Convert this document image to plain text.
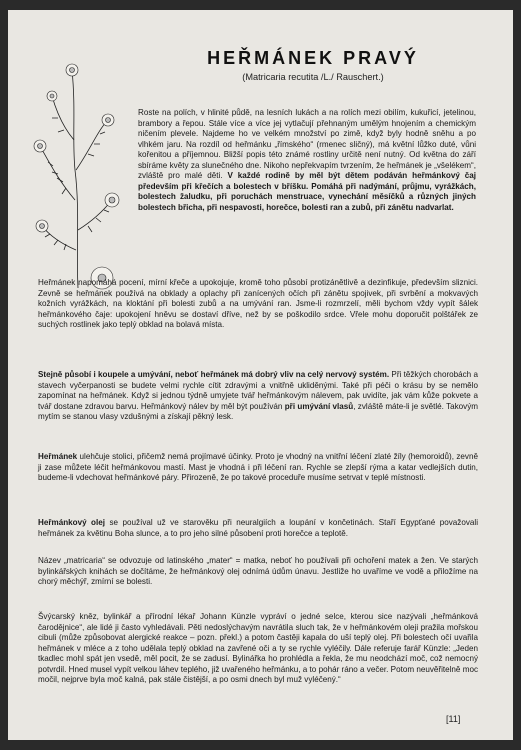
HEŘMÁNEK PRAVÝ
(Matricaria recutita /L./ Rauschert.)

Roste na polích, v hlinité půdě, na lesních lukách a na rolích mezi obilím, kukuřicí, jetelinou, brambory a řepou. Stále více a více jej vytlačují přehnaným umělým hnojením a chemickým ničením plevele. Najdeme ho ve velkém množství po zimě, když byly hodně sněhu a po vlhkém jaru. Na rozdíl od heřmánku „římského“ (rmenec sličný), má květní lůžko duté, vůni kořenitou a příjemnou. Bližší popis této známé rostliny určitě není nutný. Od května do září sbíráme květy za slunečného dne. Nikoho nepřekvapím tvrzením, že heřmánek je „všelékem“, zvláště pro malé děti. V každé rodině by měl být dětem podáván heřmánkový čaj především při křečích a bolestech v bříšku. Pomáhá při nadýmání, průjmu, vyrážkách, bolestech žaludku, při poruchách menstruace, vynechání měsíčků a různých jiných bolestech břicha, při nespavosti, horečce, bolesti ran a zubů, při zánětu nadvarlat.

Heřmánek napomáhá pocení, mírní křeče a upokojuje, kromě toho působí protizánětlivě a dezinfikuje, především sliznici. Zevně se heřmánek používá na obklady a oplachy při zanícených očích při zánětu spojivek, při svrbění a mokvavých kožních vyrážkách, na kloktání při bolesti zubů a na umývání ran. Jsme-li rozmrzelí, měli bychom vždy vypít šálek heřmánkového čaje: upokojení hněvu se dostaví dříve, než by se poškodilo srdce. Vřele mohu doporučit polštářek ze suchých rostlinek jako teplý obklad na bolavá místa.

Stejně působí i koupele a umývání, neboť heřmánek má dobrý vliv na celý nervový systém. Při těžkých chorobách a stavech vyčerpanosti se budete velmi rychle cítit zdravými a vnitřně ukliděnými. Také při péči o krásu by se nemělo zapomínat na heřmánek. Když si jednou týdně umyjete tvář heřmánkovým nálevem, pak uvidíte, jak vám kůže pokvete a tvář dostane zdravou barvu. Heřmánkový nálev by měl být používán při umývání vlasů, zvláště máte-li je světlé. Takovým mytím se stanou vlasy vzdušnými a získají pěkný lesk.

Heřmánek ulehčuje stolici, přičemž nemá projímavé účinky. Proto je vhodný na vnitřní léčení zlaté žíly (hemoroidů), zevně ji zase můžete léčit heřmánkovou mastí. Mast je vhodná i při léčení ran. Rychle se zlepší rýma a katar vedlejších dutin, budeme-li vdechovat heřmánkové páry. Přirozeně, že po takové proceduře musíme setrvat v teplé místnosti.

Heřmánkový olej se používal už ve starověku při neuralgiích a loupání v končetinách. Staří Egypťané považovali heřmánek za květinu Boha slunce, a to pro jeho silné působení proti horečce a teplotě.

Název „matricaria“ se odvozuje od latinského „mater“ = matka, neboť ho používali při ochoření matek a žen. Ve starých bylinkářských knihách se dočítáme, že heřmánkový olej odnímá údům únavu. Jestliže ho uvaříme ve vodě a přiložíme na chorý měchýř, zmírní se bolesti.

Švýcarský kněz, bylinkář a přírodní lékař Johann Künzle vypráví o jedné selce, kterou sice nazývali „heřmánková čarodějnice“, ale lidé ji často vyhledávali. Pěti nedoslýchavým navrátila sluch tak, že v heřmánkovém oleji pražila mořskou cibuli (může způsobovat alergické reakce – pozn. překl.) a potom častěji kapala do uší teplý olej. Při bolestech očí uvařila heřmánek v mléce a z toho udělala teplý obklad na zavřené oči a ty se rychle vyléčily. Dále referuje farář Künzle: „Jeden tkadlec mohl spát jen vsedě, měl pocit, že se zadusí. Bylinářka ho prohlédla a řekla, že mu neodchází moč, což nemocný potvrdil. Hned musel vypít velkou láhev teplého, již uvařeného heřmánku, a to pohár ráno a večer. Potom neuvěřitelně moc močil, nejprve byla moč kalná, pak stále čistější, a po osmi dnech byl muž vyléčený.“

[11]
